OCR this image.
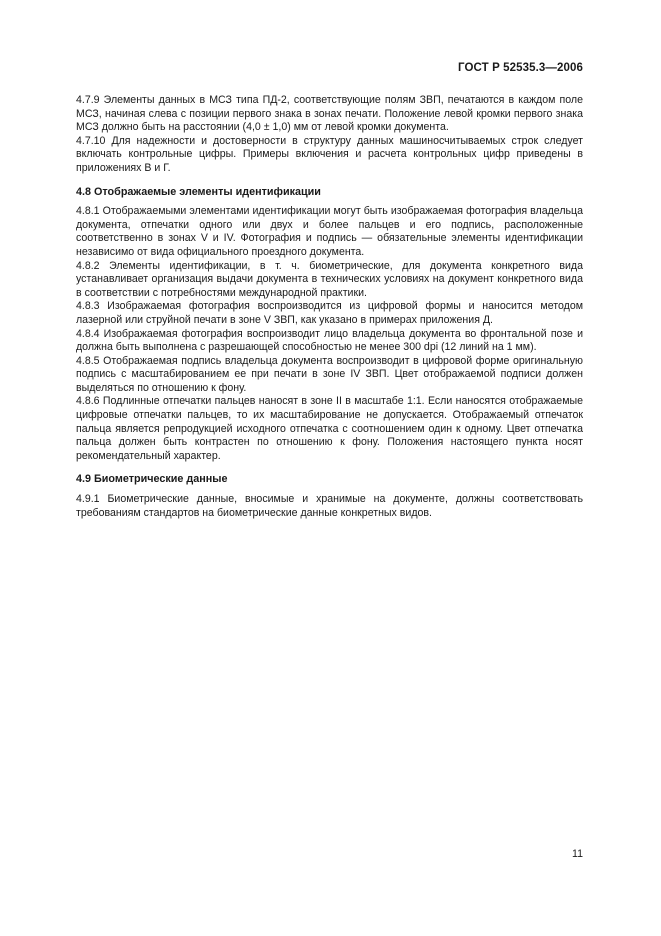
ГОСТ Р 52535.3—2006

4.7.9 Элементы данных в МСЗ типа ПД-2, соответствующие полям ЗВП, печатаются в каждом поле МСЗ, начиная слева с позиции первого знака в зонах печати. Положение левой кромки первого знака МСЗ должно быть на расстоянии (4,0 ± 1,0) мм от левой кромки документа.

4.7.10 Для надежности и достоверности в структуру данных машиносчитываемых строк следует включать контрольные цифры. Примеры включения и расчета контрольных цифр приведены в приложениях В и Г.

4.8 Отображаемые элементы идентификации

4.8.1 Отображаемыми элементами идентификации могут быть изображаемая фотография владельца документа, отпечатки одного или двух и более пальцев и его подпись, расположенные соответственно в зонах V и IV. Фотография и подпись — обязательные элементы идентификации независимо от вида официального проездного документа.

4.8.2 Элементы идентификации, в т. ч. биометрические, для документа конкретного вида устанавливает организация выдачи документа в технических условиях на документ конкретного вида в соответствии с потребностями международной практики.

4.8.3 Изображаемая фотография воспроизводится из цифровой формы и наносится методом лазерной или струйной печати в зоне V ЗВП, как указано в примерах приложения Д.

4.8.4 Изображаемая фотография воспроизводит лицо владельца документа во фронтальной позе и должна быть выполнена с разрешающей способностью не менее 300 dpi (12 линий на 1 мм).

4.8.5 Отображаемая подпись владельца документа воспроизводит в цифровой форме оригинальную подпись с масштабированием ее при печати в зоне IV ЗВП. Цвет отображаемой подписи должен выделяться по отношению к фону.

4.8.6 Подлинные отпечатки пальцев наносят в зоне II в масштабе 1:1. Если наносятся отображаемые цифровые отпечатки пальцев, то их масштабирование не допускается. Отображаемый отпечаток пальца является репродукцией исходного отпечатка с соотношением один к одному. Цвет отпечатка пальца должен быть контрастен по отношению к фону. Положения настоящего пункта носят рекомендательный характер.

4.9 Биометрические данные

4.9.1 Биометрические данные, вносимые и хранимые на документе, должны соответствовать требованиям стандартов на биометрические данные конкретных видов.

11
